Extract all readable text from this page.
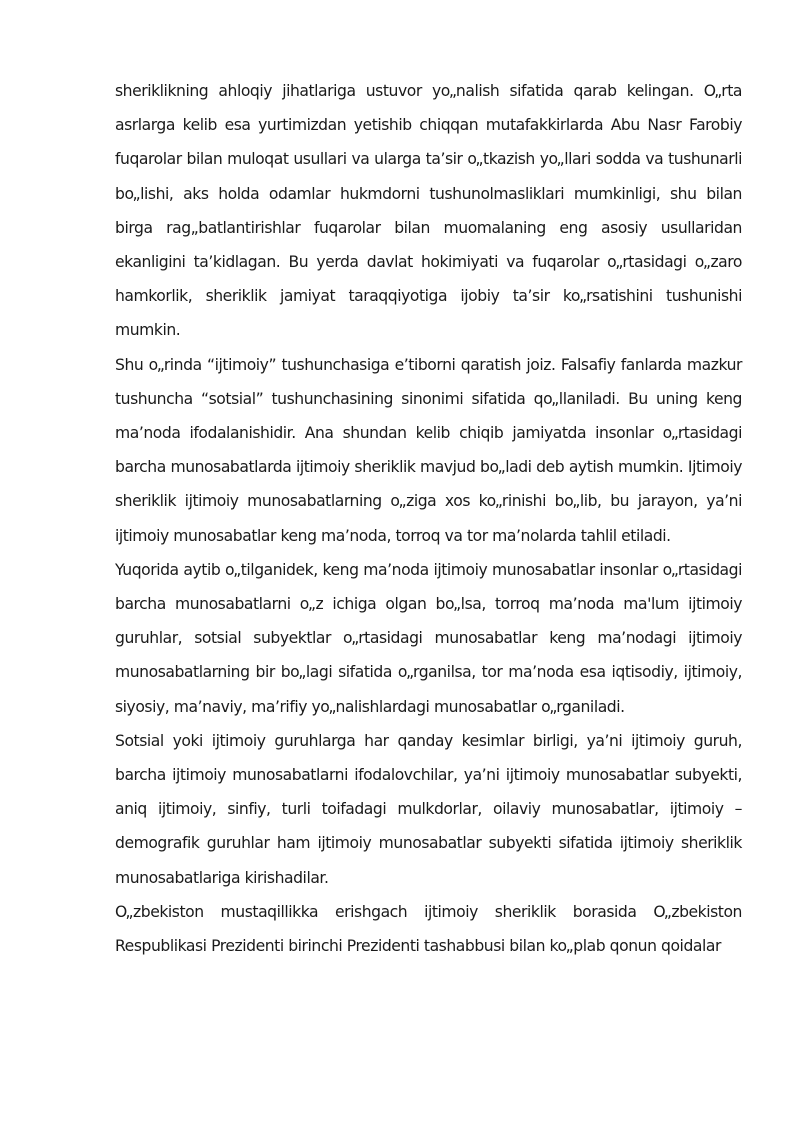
sheriklikning ahloqiy jihatlariga ustuvor yo„nalish sifatida qarab kelingan. O„rta asrlarga kelib esa yurtimizdan yetishib chiqqan mutafakkirlarda Abu Nasr Farobiy fuqarolar bilan muloqat usullari va ularga ta’sir o„tkazish yo„llari sodda va tushunarli bo„lishi, aks holda odamlar hukmdorni tushunolmasliklari mumkinligi, shu bilan birga rag„batlantirishlar fuqarolar bilan muomalaning eng asosiy usullaridan ekanligini ta’kidlagan. Bu yerda davlat hokimiyati va fuqarolar o„rtasidagi o„zaro hamkorlik, sheriklik jamiyat taraqqiyotiga ijobiy ta’sir ko„rsatishini tushunishi mumkin.

Shu o„rinda “ijtimoiy” tushunchasiga e’tiborni qaratish joiz. Falsafiy fanlarda mazkur tushuncha “sotsial” tushunchasining sinonimi sifatida qo„llaniladi. Bu uning keng ma’noda ifodalanishidir. Ana shundan kelib chiqib jamiyatda insonlar o„rtasidagi barcha munosabatlarda ijtimoiy sheriklik mavjud bo„ladi deb aytish mumkin. Ijtimoiy sheriklik ijtimoiy munosabatlarning o„ziga xos ko„rinishi bo„lib, bu jarayon, ya’ni ijtimoiy munosabatlar keng ma’noda, torroq va tor ma’nolarda tahlil etiladi.

Yuqorida aytib o„tilganidek, keng ma’noda ijtimoiy munosabatlar insonlar o„rtasidagi barcha munosabatlarni o„z ichiga olgan bo„lsa, torroq ma’noda ma'lum ijtimoiy guruhlar, sotsial subyektlar o„rtasidagi munosabatlar keng ma’nodagi ijtimoiy munosabatlarning bir bo„lagi sifatida o„rganilsa, tor ma’noda esa iqtisodiy, ijtimoiy, siyosiy, ma’naviy, ma’rifiy yo„nalishlardagi munosabatlar o„rganiladi.

Sotsial yoki ijtimoiy guruhlarga har qanday kesimlar birligi, ya’ni ijtimoiy guruh, barcha ijtimoiy munosabatlarni ifodalovchilar, ya’ni ijtimoiy munosabatlar subyekti, aniq ijtimoiy, sinfiy, turli toifadagi mulkdorlar, oilaviy munosabatlar, ijtimoiy – demografik guruhlar ham ijtimoiy munosabatlar subyekti sifatida ijtimoiy sheriklik munosabatlariga kirishadilar.

O„zbekiston mustaqillikka erishgach ijtimoiy sheriklik borasida O„zbekiston Respublikasi Prezidenti birinchi Prezidenti tashabbusi bilan ko„plab qonun qoidalar
